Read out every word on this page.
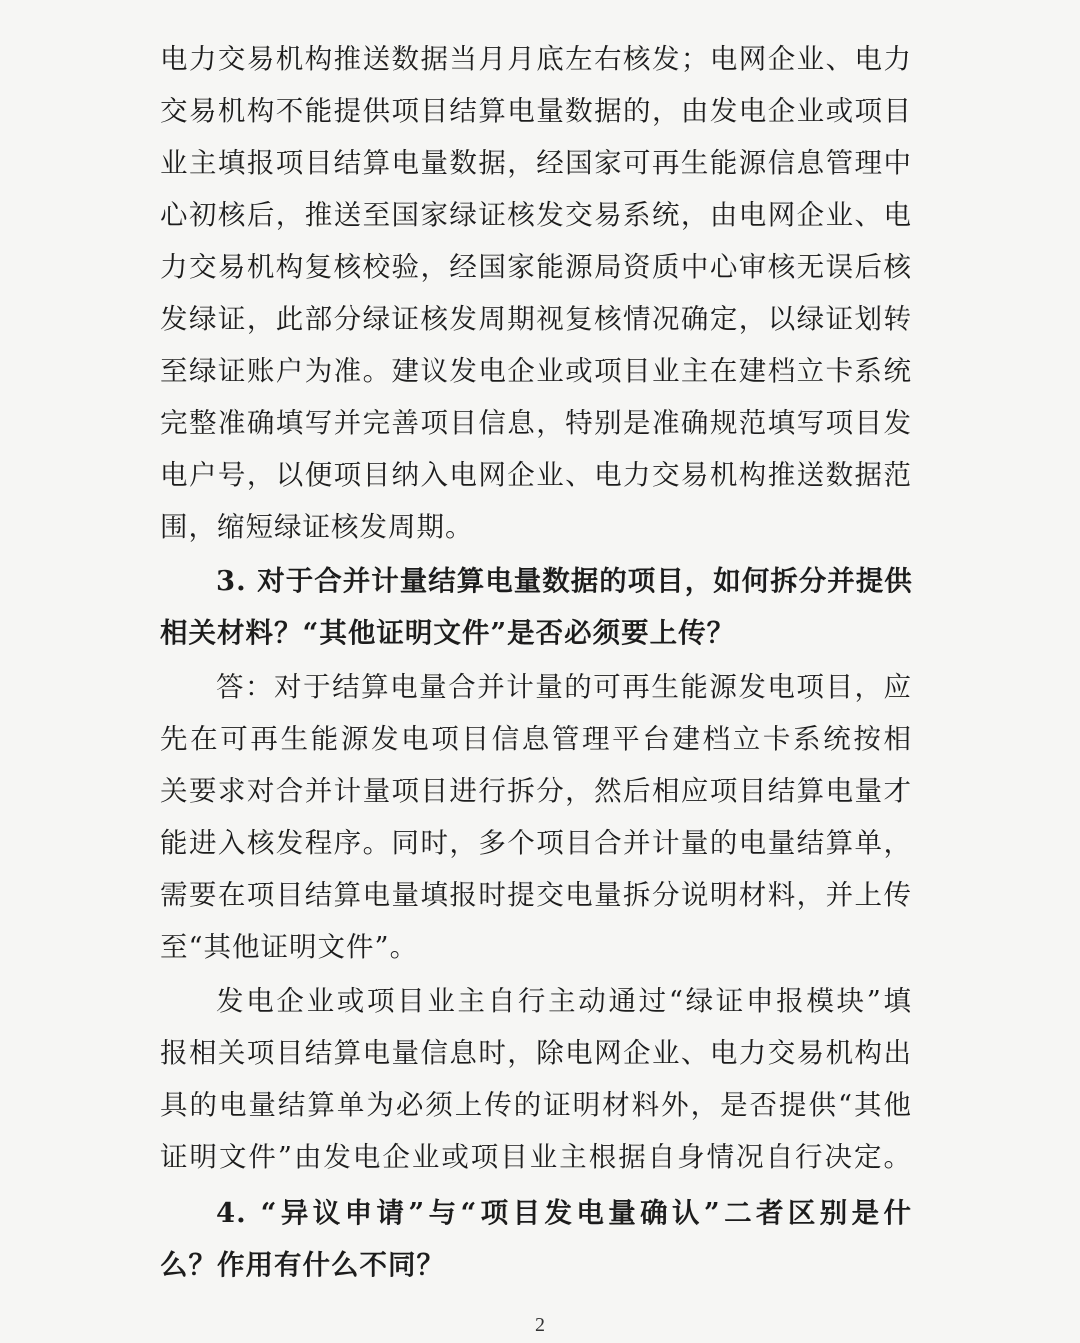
电力交易机构推送数据当月月底左右核发；电网企业、电力
交易机构不能提供项目结算电量数据的，由发电企业或项目
业主填报项目结算电量数据，经国家可再生能源信息管理中
心初核后，推送至国家绿证核发交易系统，由电网企业、电
力交易机构复核校验，经国家能源局资质中心审核无误后核
发绿证，此部分绿证核发周期视复核情况确定，以绿证划转
至绿证账户为准。建议发电企业或项目业主在建档立卡系统
完整准确填写并完善项目信息，特别是准确规范填写项目发
电户号，以便项目纳入电网企业、电力交易机构推送数据范
围，缩短绿证核发周期。
3. 对于合并计量结算电量数据的项目，如何拆分并提供
相关材料？“其他证明文件”是否必须要上传？
答：对于结算电量合并计量的可再生能源发电项目，应
先在可再生能源发电项目信息管理平台建档立卡系统按相
关要求对合并计量项目进行拆分，然后相应项目结算电量才
能进入核发程序。同时，多个项目合并计量的电量结算单，
需要在项目结算电量填报时提交电量拆分说明材料，并上传
至“其他证明文件”。
发电企业或项目业主自行主动通过“绿证申报模块”填
报相关项目结算电量信息时，除电网企业、电力交易机构出
具的电量结算单为必须上传的证明材料外，是否提供“其他
证明文件”由发电企业或项目业主根据自身情况自行决定。
4. “异议申请”与“项目发电量确认”二者区别是什
么？作用有什么不同？
2
